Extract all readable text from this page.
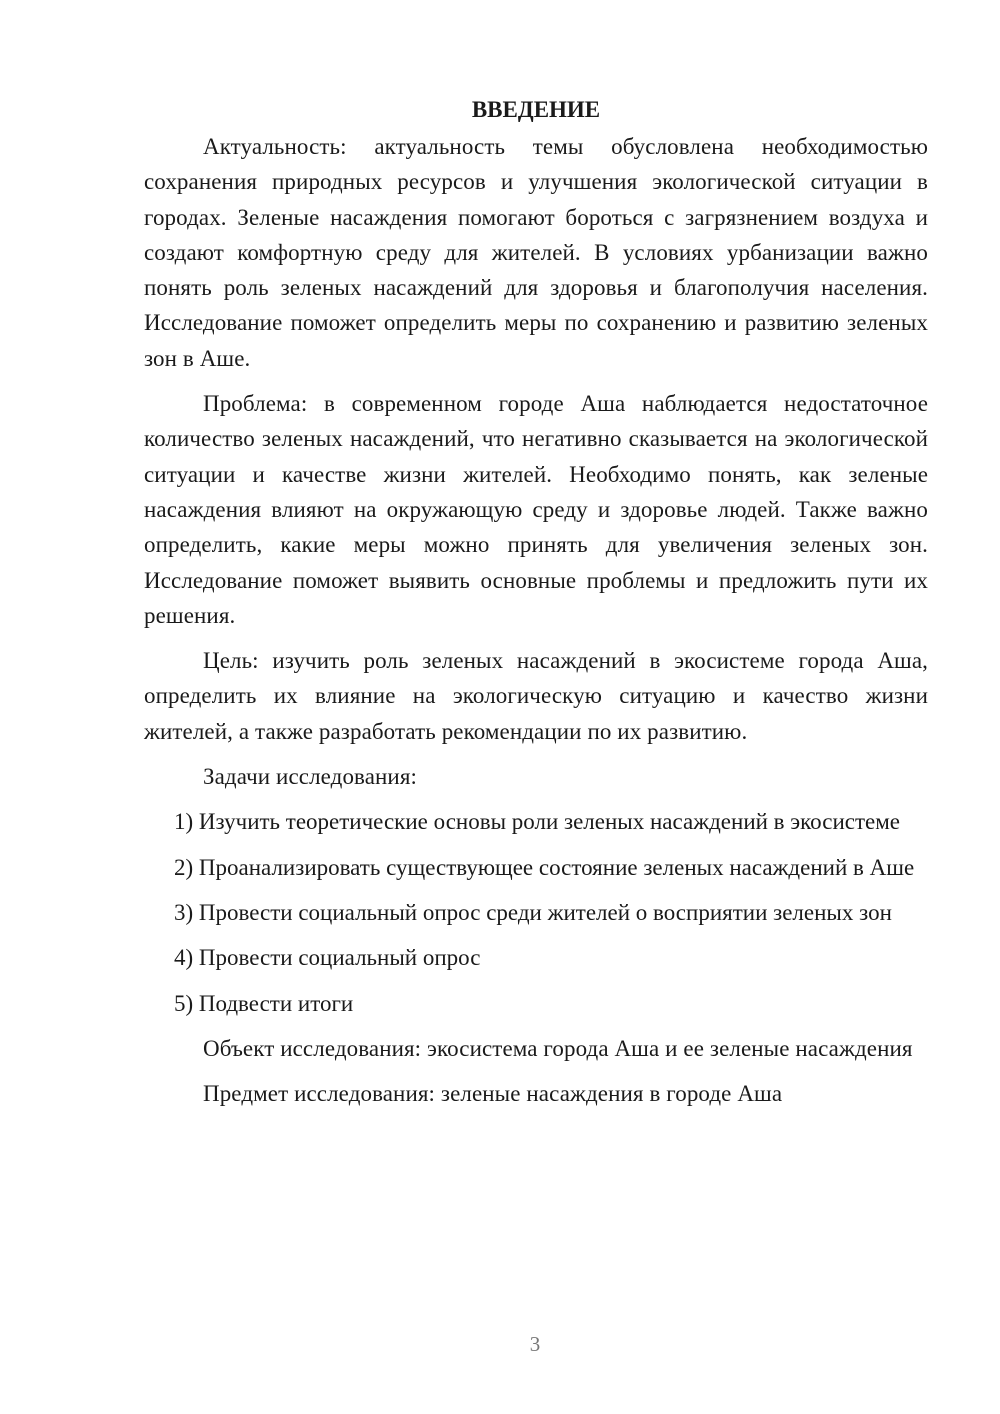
ВВЕДЕНИЕ

Актуальность: актуальность темы обусловлена необходимостью сохранения природных ресурсов и улучшения экологической ситуации в городах. Зеленые насаждения помогают бороться с загрязнением воздуха и создают комфортную среду для жителей. В условиях урбанизации важно понять роль зеленых насаждений для здоровья и благополучия населения. Исследование поможет определить меры по сохранению и развитию зеленых зон в Аше.

Проблема: в современном городе Аша наблюдается недостаточное количество зеленых насаждений, что негативно сказывается на экологической ситуации и качестве жизни жителей. Необходимо понять, как зеленые насаждения влияют на окружающую среду и здоровье людей. Также важно определить, какие меры можно принять для увеличения зеленых зон. Исследование поможет выявить основные проблемы и предложить пути их решения.

Цель: изучить роль зеленых насаждений в экосистеме города Аша, определить их влияние на экологическую ситуацию и качество жизни жителей, а также разработать рекомендации по их развитию.

Задачи исследования:

1) Изучить теоретические основы роли зеленых насаждений в экосистеме

2) Проанализировать существующее состояние зеленых насаждений в Аше

3) Провести социальный опрос среди жителей о восприятии зеленых зон

4) Провести социальный опрос

5) Подвести итоги

Объект исследования: экосистема города Аша и ее зеленые насаждения

Предмет исследования: зеленые насаждения в городе Аша

3
